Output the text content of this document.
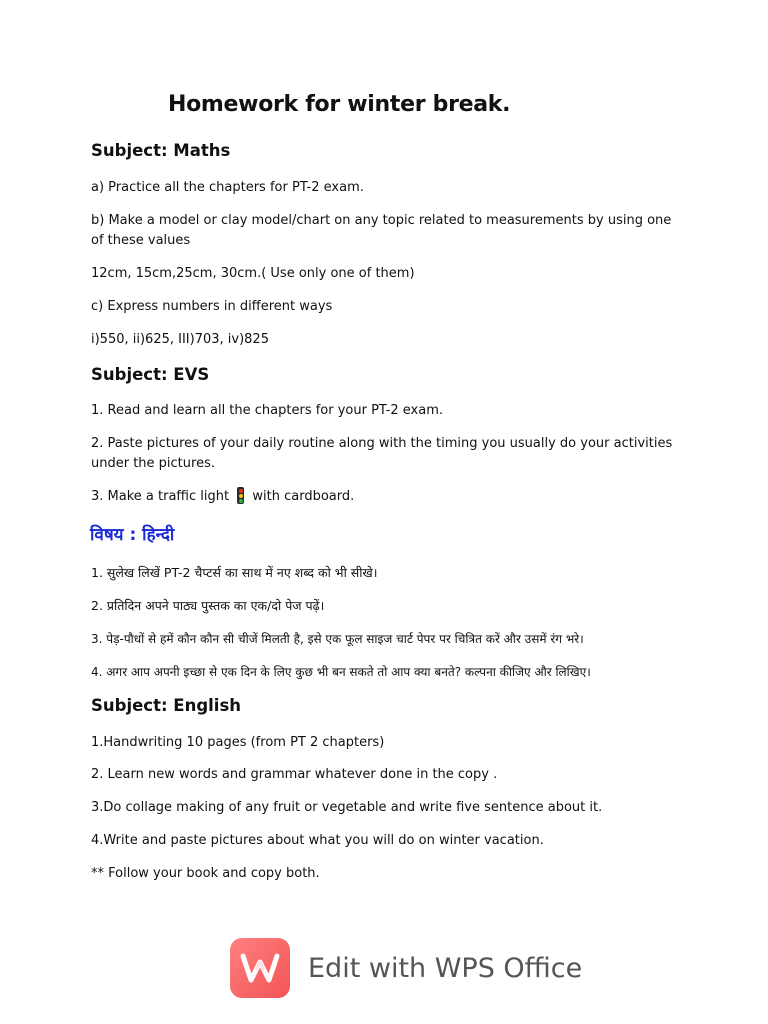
Homework for winter break.
Subject: Maths
a) Practice all the chapters for PT-2 exam.
b) Make a model or clay model/chart on any topic related to measurements by using one of these values
12cm, 15cm,25cm, 30cm.( Use only one of them)
c) Express numbers in different ways
i)550, ii)625, III)703, iv)825
Subject: EVS
1. Read and learn all the chapters for your PT-2 exam.
2. Paste pictures of your daily routine along with the timing you usually do your activities under the pictures.
3. Make a traffic light with cardboard.
विषय : हिन्दी
1. सुलेख लिखें PT-2 चैप्टर्स का साथ में नए शब्द को भी सीखे।
2. प्रतिदिन अपने पाठ्य पुस्तक का एक/दो पेज पढ़ें।
3. पेड़-पौधों से हमें कौन कौन सी चीजें मिलती है, इसे एक फूल साइज चार्ट पेपर पर चित्रित करें और उसमें रंग भरे।
4. अगर आप अपनी इच्छा से एक दिन के लिए कुछ भी बन सकते तो आप क्या बनते? कल्पना कीजिए और लिखिए।
Subject: English
1.Handwriting 10 pages (from PT 2 chapters)
2. Learn new words and grammar whatever done in the copy .
3.Do collage making of any fruit or vegetable and write five sentence about it.
4.Write and paste pictures about what you will do on winter vacation.
** Follow your book and copy both.
Edit with WPS Office
